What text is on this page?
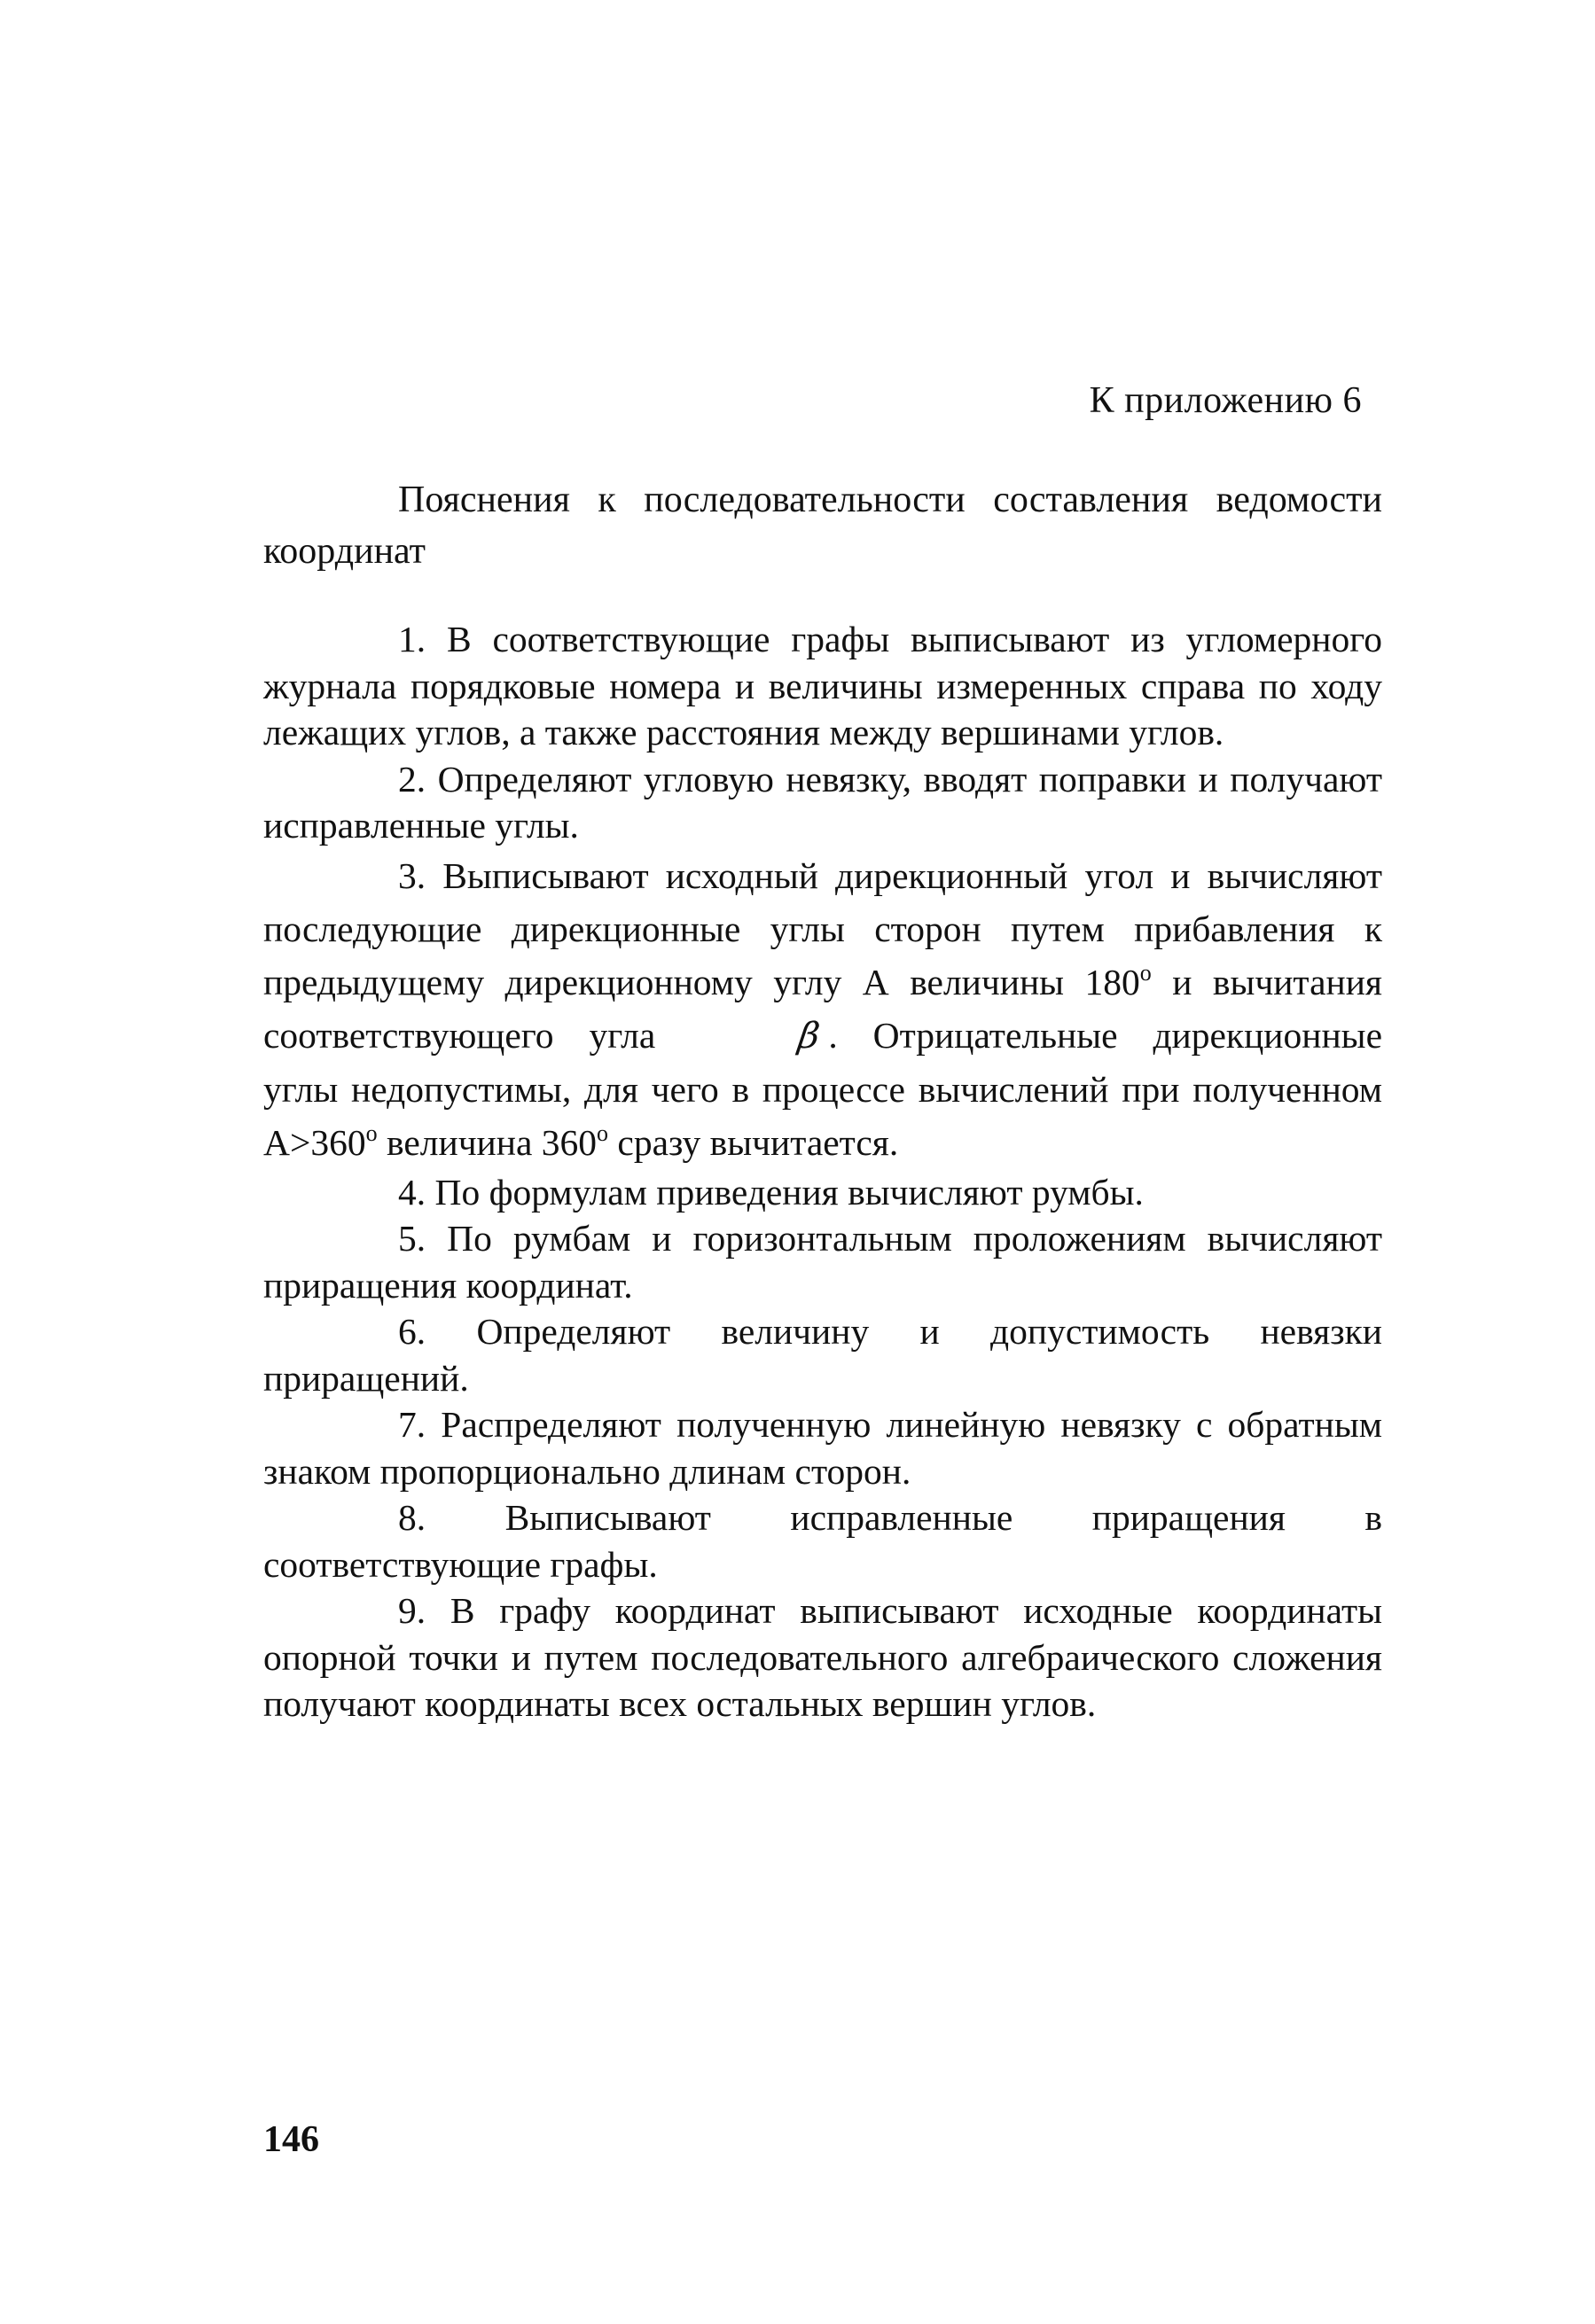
К приложению 6
Пояснения к последовательности составления ведомости координат

1. В соответствующие графы выписывают из угломерного журнала порядковые номера и величины измеренных справа по ходу лежащих углов, а также расстояния между вершинами углов.

2. Определяют угловую невязку, вводят поправки и получают исправленные углы.

3. Выписывают исходный дирекционный угол и вычисляют последующие дирекционные углы сторон путем прибавления к предыдущему дирекционному углу А величины $180^о$ и вычитания соответствующего угла	β . Отрицательные дирекционные углы недопустимы, для чего в процессе вычислений при полученном $А>360^о$ величина $360^о$ сразу вычитается.

4. По формулам приведения вычисляют румбы.

5. По румбам и горизонтальным проложениям вычисляют приращения координат.

6. Определяют величину и допустимость невязки приращений.

7. Распределяют полученную линейную невязку с обратным знаком пропорционально длинам сторон.

8. Выписывают исправленные приращения в соответствующие графы.

9. В графу координат выписывают исходные координаты опорной точки и путем последовательного алгебраического сложения получают координаты всех остальных вершин углов.

146
